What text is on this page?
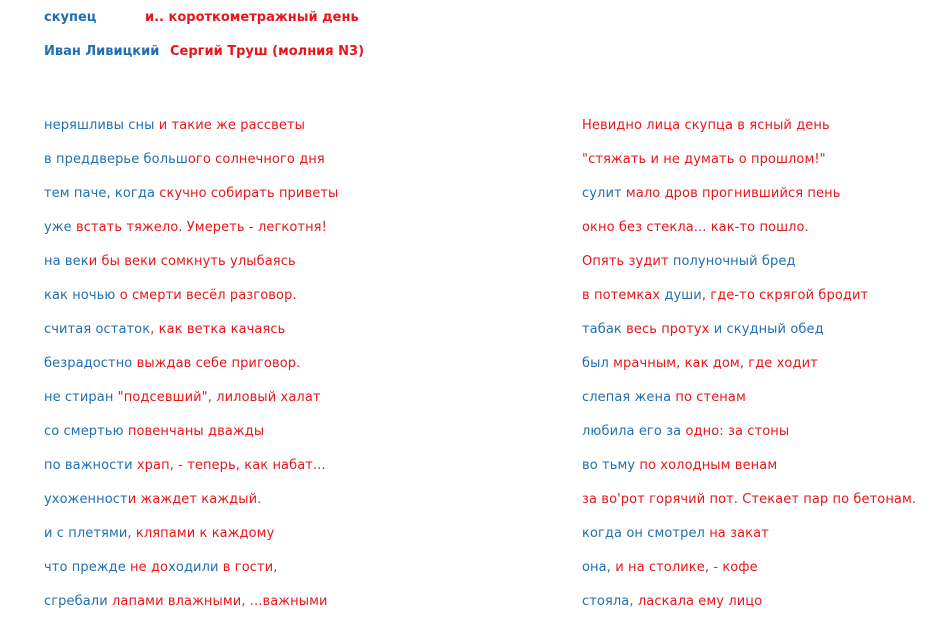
скупец	и.. короткометражный день
Иван Ливицкий Сергий Труш (молния N3)
неряшливы сны и такие же рассветы
в преддверье большого солнечного дня
тем паче, когда скучно собирать приветы
уже встать тяжело. Умереть - легкотня!
на веки бы веки сомкнуть улыбаясь
как ночью о смерти весёл разговор.
считая остаток, как ветка качаясь
безрадостно выждав себе приговор.
не стиран "подсевший", лиловый халат
со смертью повенчаны дважды
по важности храп, - теперь, как набат...
ухоженности жаждет каждый.
и с плетями, кляпами к каждому
что прежде не доходили в гости,
сгребали лапами влажными, ...важными
Невидно лица скупца в ясный день
"стяжать и не думать о прошлом!"
сулит мало дров прогнившийся пень
окно без стекла... как-то пошло.
Опять зудит полуночный бред
в потемках души, где-то скрягой бродит
табак весь протух и скудный обед
был мрачным, как дом, где ходит
слепая жена по стенам
любила его за одно: за стоны
во тьму по холодным венам
за во'рот горячий пот. Стекает пар по бетонам.
когда он смотрел на закат
она, и на столике, - кофе
стояла, ласкала ему лицо
